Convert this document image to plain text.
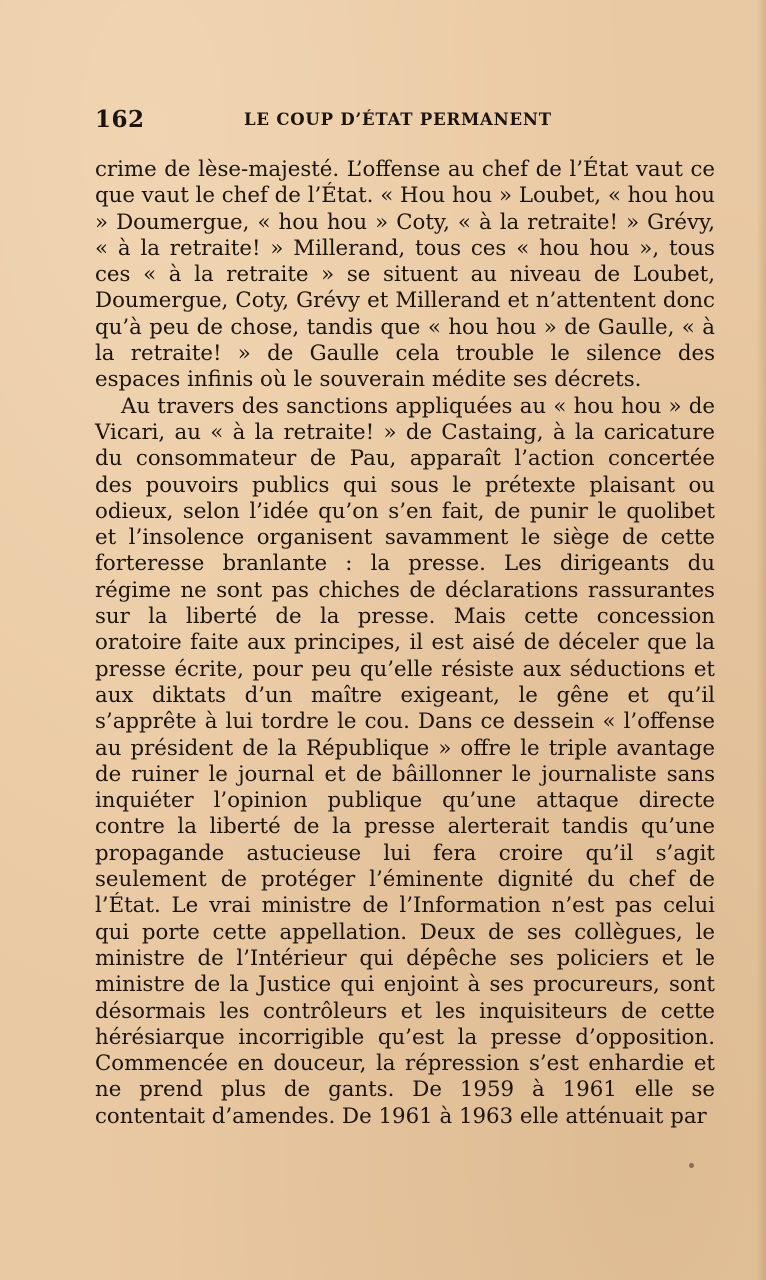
162	LE COUP D’ÉTAT PERMANENT

crime de lèse-majesté. L’offense au chef de l’État vaut ce que vaut le chef de l’État. « Hou hou » Loubet, « hou hou » Doumergue, « hou hou » Coty, « à la retraite! » Grévy, « à la retraite! » Millerand, tous ces « hou hou », tous ces « à la retraite » se situent au niveau de Loubet, Doumergue, Coty, Grévy et Millerand et n’attentent donc qu’à peu de chose, tandis que « hou hou » de Gaulle, « à la retraite! » de Gaulle cela trouble le silence des espaces infinis où le souverain médite ses décrets.

Au travers des sanctions appliquées au « hou hou » de Vicari, au « à la retraite! » de Castaing, à la caricature du consommateur de Pau, apparaît l’action concertée des pouvoirs publics qui sous le prétexte plaisant ou odieux, selon l’idée qu’on s’en fait, de punir le quolibet et l’insolence organisent savamment le siège de cette forteresse branlante : la presse. Les dirigeants du régime ne sont pas chiches de déclarations rassurantes sur la liberté de la presse. Mais cette concession oratoire faite aux principes, il est aisé de déceler que la presse écrite, pour peu qu’elle résiste aux séductions et aux diktats d’un maître exigeant, le gêne et qu’il s’apprête à lui tordre le cou. Dans ce dessein « l’offense au président de la République » offre le triple avantage de ruiner le journal et de bâillonner le journaliste sans inquiéter l’opinion publique qu’une attaque directe contre la liberté de la presse alerterait tandis qu’une propagande astucieuse lui fera croire qu’il s’agit seulement de protéger l’éminente dignité du chef de l’État. Le vrai ministre de l’Information n’est pas celui qui porte cette appellation. Deux de ses collègues, le ministre de l’Intérieur qui dépêche ses policiers et le ministre de la Justice qui enjoint à ses procureurs, sont désormais les contrôleurs et les inquisiteurs de cette hérésiarque incorrigible qu’est la presse d’opposition. Commencée en douceur, la répression s’est enhardie et ne prend plus de gants. De 1959 à 1961 elle se contentait d’amendes. De 1961 à 1963 elle atténuait par
